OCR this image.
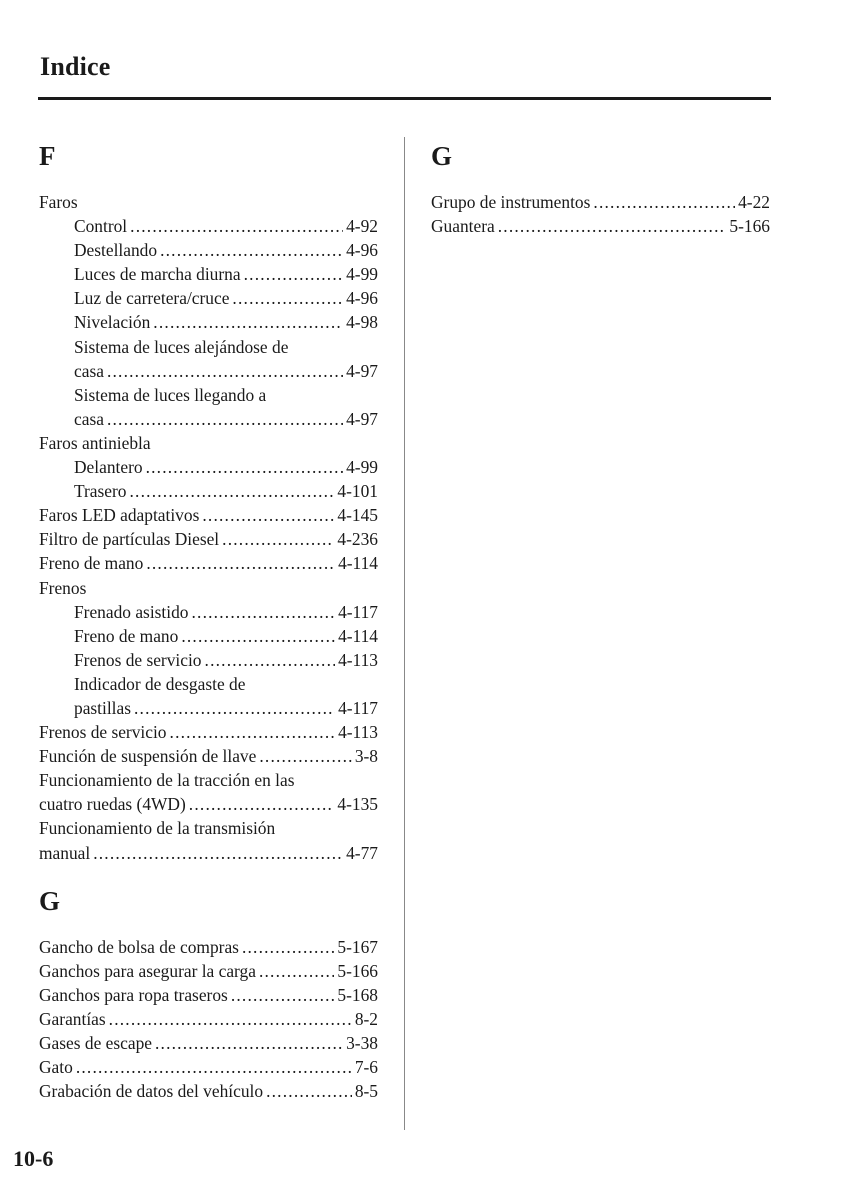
Indice
F
Faros
Control .....	4-92
Destellando .....	4-96
Luces de marcha diurna .....	4-99
Luz de carretera/cruce .....	4-96
Nivelación .....	4-98
Sistema de luces alejándose de
casa .....	4-97
Sistema de luces llegando a
casa .....	4-97
Faros antiniebla
Delantero .....	4-99
Trasero .....	4-101
Faros LED adaptativos .....	4-145
Filtro de partículas Diesel .....	4-236
Freno de mano .....	4-114
Frenos
Frenado asistido .....	4-117
Freno de mano .....	4-114
Frenos de servicio .....	4-113
Indicador de desgaste de
pastillas .....	4-117
Frenos de servicio .....	4-113
Función de suspensión de llave .....	3-8
Funcionamiento de la tracción en las
cuatro ruedas (4WD) .....	4-135
Funcionamiento de la transmisión
manual .....	4-77
G
Gancho de bolsa de compras .....	5-167
Ganchos para asegurar la carga .....	5-166
Ganchos para ropa traseros .....	5-168
Garantías .....	8-2
Gases de escape .....	3-38
Gato .....	7-6
Grabación de datos del vehículo .....	8-5
G
Grupo de instrumentos .....	4-22
Guantera .....	5-166
10-6
